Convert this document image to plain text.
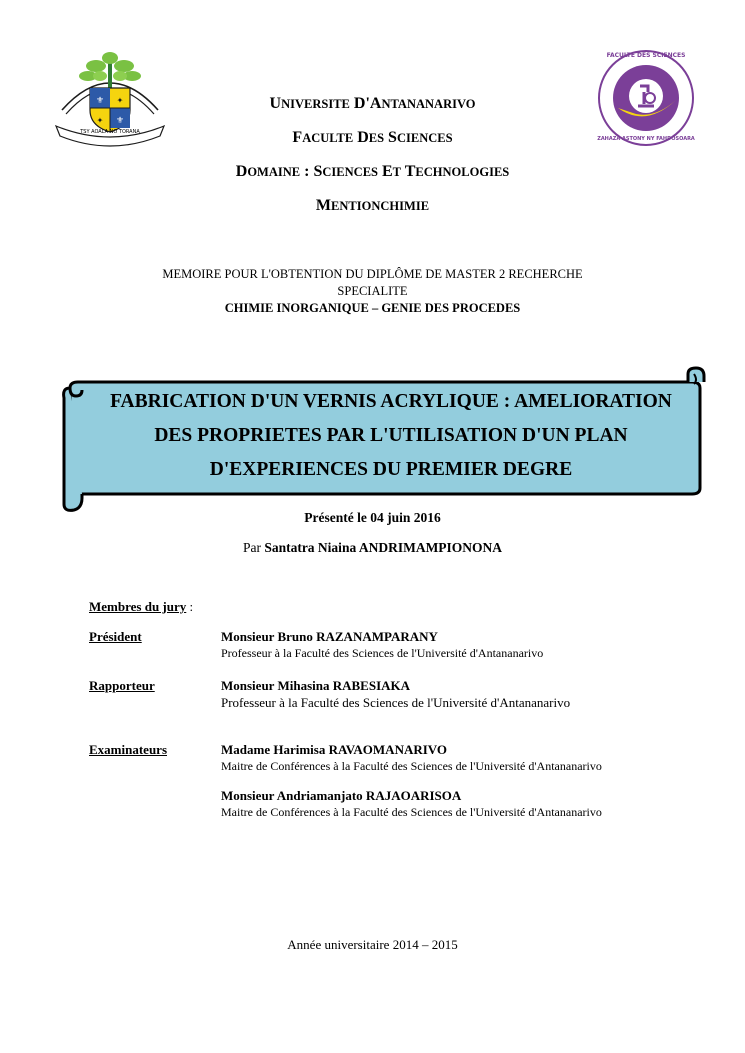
⚜
⚜
✦
✦
TSY AOALA NO TORANA
FACULTE DES SCIENCES
ZAHAZA ASTONY NY FAHDOSOARA
UNIVERSITE D'ANTANANARIVO
FACULTE DES SCIENCES
DOMAINE : SCIENCES ET TECHNOLOGIES
MENTIONCHIMIE
MEMOIRE POUR L'OBTENTION DU DIPLÔME DE MASTER 2 RECHERCHE
SPECIALITE
CHIMIE INORGANIQUE – GENIE DES PROCEDES
FABRICATION D'UN VERNIS ACRYLIQUE : AMELIORATION
DES PROPRIETES PAR L'UTILISATION D'UN PLAN
D'EXPERIENCES DU PREMIER DEGRE
Présenté le 04 juin 2016
Par Santatra Niaina ANDRIMAMPIONONA
Membres du jury :
Président	Monsieur Bruno RAZANAMPARANY
Professeur à la Faculté des Sciences de l'Université d'Antananarivo
Rapporteur	Monsieur Mihasina RABESIAKA
Professeur à la Faculté des Sciences de l'Université d'Antananarivo
Examinateurs	Madame Harimisa RAVAOMANARIVO
Maitre de Conférences à la Faculté des Sciences de l'Université d'Antananarivo
Monsieur Andriamanjato RAJAOARISOA
Maitre de Conférences à la Faculté des Sciences de l'Université d'Antananarivo
Année universitaire 2014 – 2015
